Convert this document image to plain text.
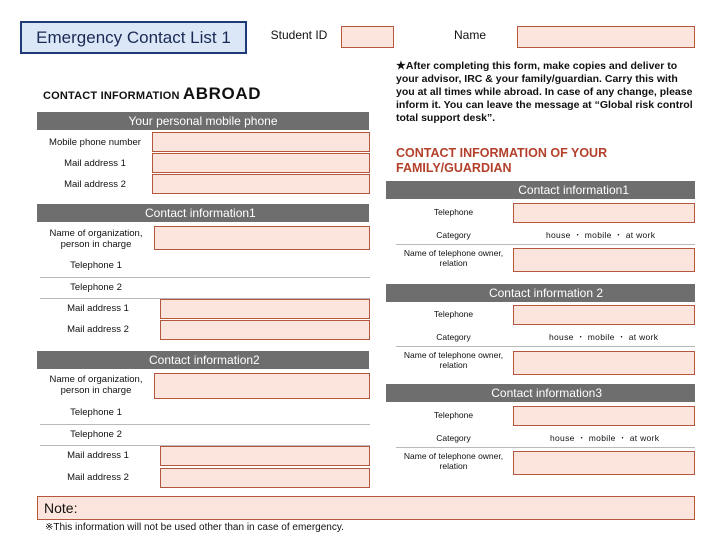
Emergency Contact List 1	Student ID	Name
★After completing this form, make copies and deliver to your advisor, IRC & your family/guardian. Carry this with you at all times while abroad. In case of any change, please inform it. You can leave the message at “Global risk control total support desk”.
CONTACT INFORMATION ABROAD
Your personal mobile phone
Mobile phone number
Mail address 1
Mail address 2
Contact information1
Name of organization, person in charge
Telephone 1
Telephone 2
Mail address 1
Mail address 2
Contact information2
Name of organization, person in charge
Telephone 1
Telephone 2
Mail address 1
Mail address 2
CONTACT INFORMATION OF YOUR FAMILY/GUARDIAN
Contact information1
Telephone
Category	house ・ mobile ・ at work
Name of telephone owner, relation
Contact information 2
Telephone
Category	house ・ mobile ・ at work
Name of telephone owner, relation
Contact information3
Telephone
Category	house ・ mobile ・ at work
Name of telephone owner, relation
Note:
※This information will not be used other than in case of emergency.
